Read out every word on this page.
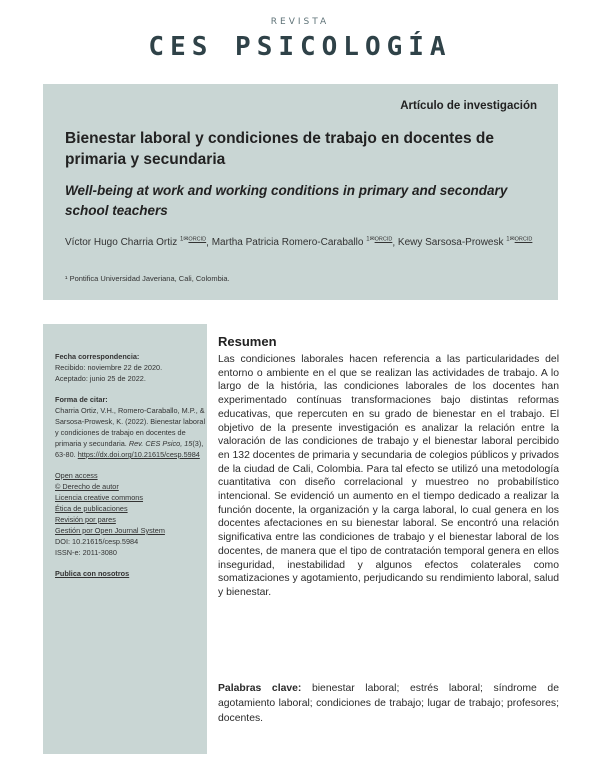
REVISTA
CES PSICOLOGÍA
Artículo de investigación
Bienestar laboral y condiciones de trabajo en docentes de primaria y secundaria
Well-being at work and working conditions in primary and secondary school teachers
Víctor Hugo Charria Ortiz $^{1✉ORCID}$, Martha Patricia Romero-Caraballo $^{1✉ORCID}$, Kewy Sarsosa-Prowesk $^{1✉ORCID}$
¹ Pontifica Universidad Javeriana, Cali, Colombia.
Fecha correspondencia:
Recibido: noviembre 22 de 2020.
Aceptado: junio 25 de 2022.
Forma de citar:
Charria Ortiz, V.H., Romero-Caraballo, M.P., & Sarsosa-Prowesk, K. (2022). Bienestar laboral y condiciones de trabajo en docentes de primaria y secundaria. Rev. CES Psico, 15(3), 63-80. https://dx.doi.org/10.21615/cesp.5984
Open access
© Derecho de autor
Licencia creative commons
Ética de publicaciones
Revisión por pares
Gestión por Open Journal System
DOI: 10.21615/cesp.5984
ISSN-e: 2011-3080
Publica con nosotros
Resumen
Las condiciones laborales hacen referencia a las particularidades del entorno o ambiente en el que se realizan las actividades de trabajo. A lo largo de la história, las condiciones laborales de los docentes han experimentado contínuas transformaciones bajo distintas reformas educativas, que repercuten en su grado de bienestar en el trabajo. El objetivo de la presente investigación es analizar la relación entre la valoración de las condiciones de trabajo y el bienestar laboral percibido en 132 docentes de primaria y secundaria de colegios públicos y privados de la ciudad de Cali, Colombia. Para tal efecto se utilizó una metodología cuantitativa con diseño correlacional y muestreo no probabilístico intencional. Se evidenció un aumento en el tiempo dedicado a realizar la función docente, la organización y la carga laboral, lo cual genera en los docentes afectaciones en su bienestar laboral. Se encontró una relación significativa entre las condiciones de trabajo y el bienestar laboral de los docentes, de manera que el tipo de contratación temporal genera en ellos inseguridad, inestabilidad y algunos efectos colaterales como somatizaciones y agotamiento, perjudicando su rendimiento laboral, salud y bienestar.
Palabras clave: bienestar laboral; estrés laboral; síndrome de agotamiento laboral; condiciones de trabajo; lugar de trabajo; profesores; docentes.
